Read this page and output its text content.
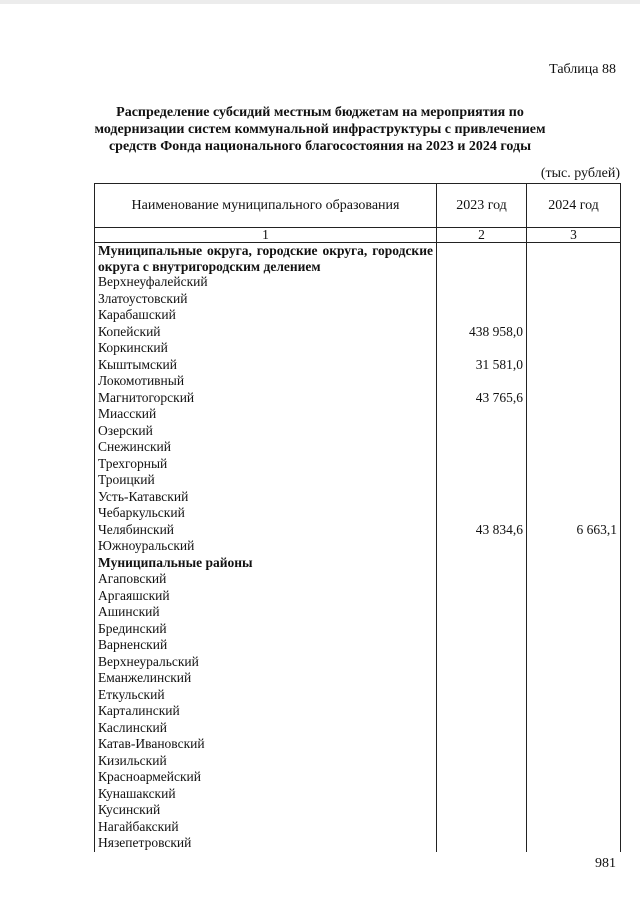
Таблица 88
Распределение субсидий местным бюджетам на мероприятия по модернизации систем коммунальной инфраструктуры с привлечением средств Фонда национального благосостояния на 2023 и 2024 годы
(тыс. рублей)
Наименование муниципального образования	2023 год	2024 год
1	2	3
Муниципальные округа, городские округа, городские округа с внутригородским делением		
Верхнеуфалейский		
Златоустовский		
Карабашский		
Копейский	438 958,0	
Коркинский		
Кыштымский	31 581,0	
Локомотивный		
Магнитогорский	43 765,6	
Миасский		
Озерский		
Снежинский		
Трехгорный		
Троицкий		
Усть-Катавский		
Чебаркульский		
Челябинский	43 834,6	6 663,1
Южноуральский		
Муниципальные районы		
Агаповский		
Аргаяшский		
Ашинский		
Брединский		
Варненский		
Верхнеуральский		
Еманжелинский		
Еткульский		
Карталинский		
Каслинский		
Катав-Ивановский		
Кизильский		
Красноармейский		
Кунашакский		
Кусинский		
Нагайбакский		
Нязепетровский		
981
